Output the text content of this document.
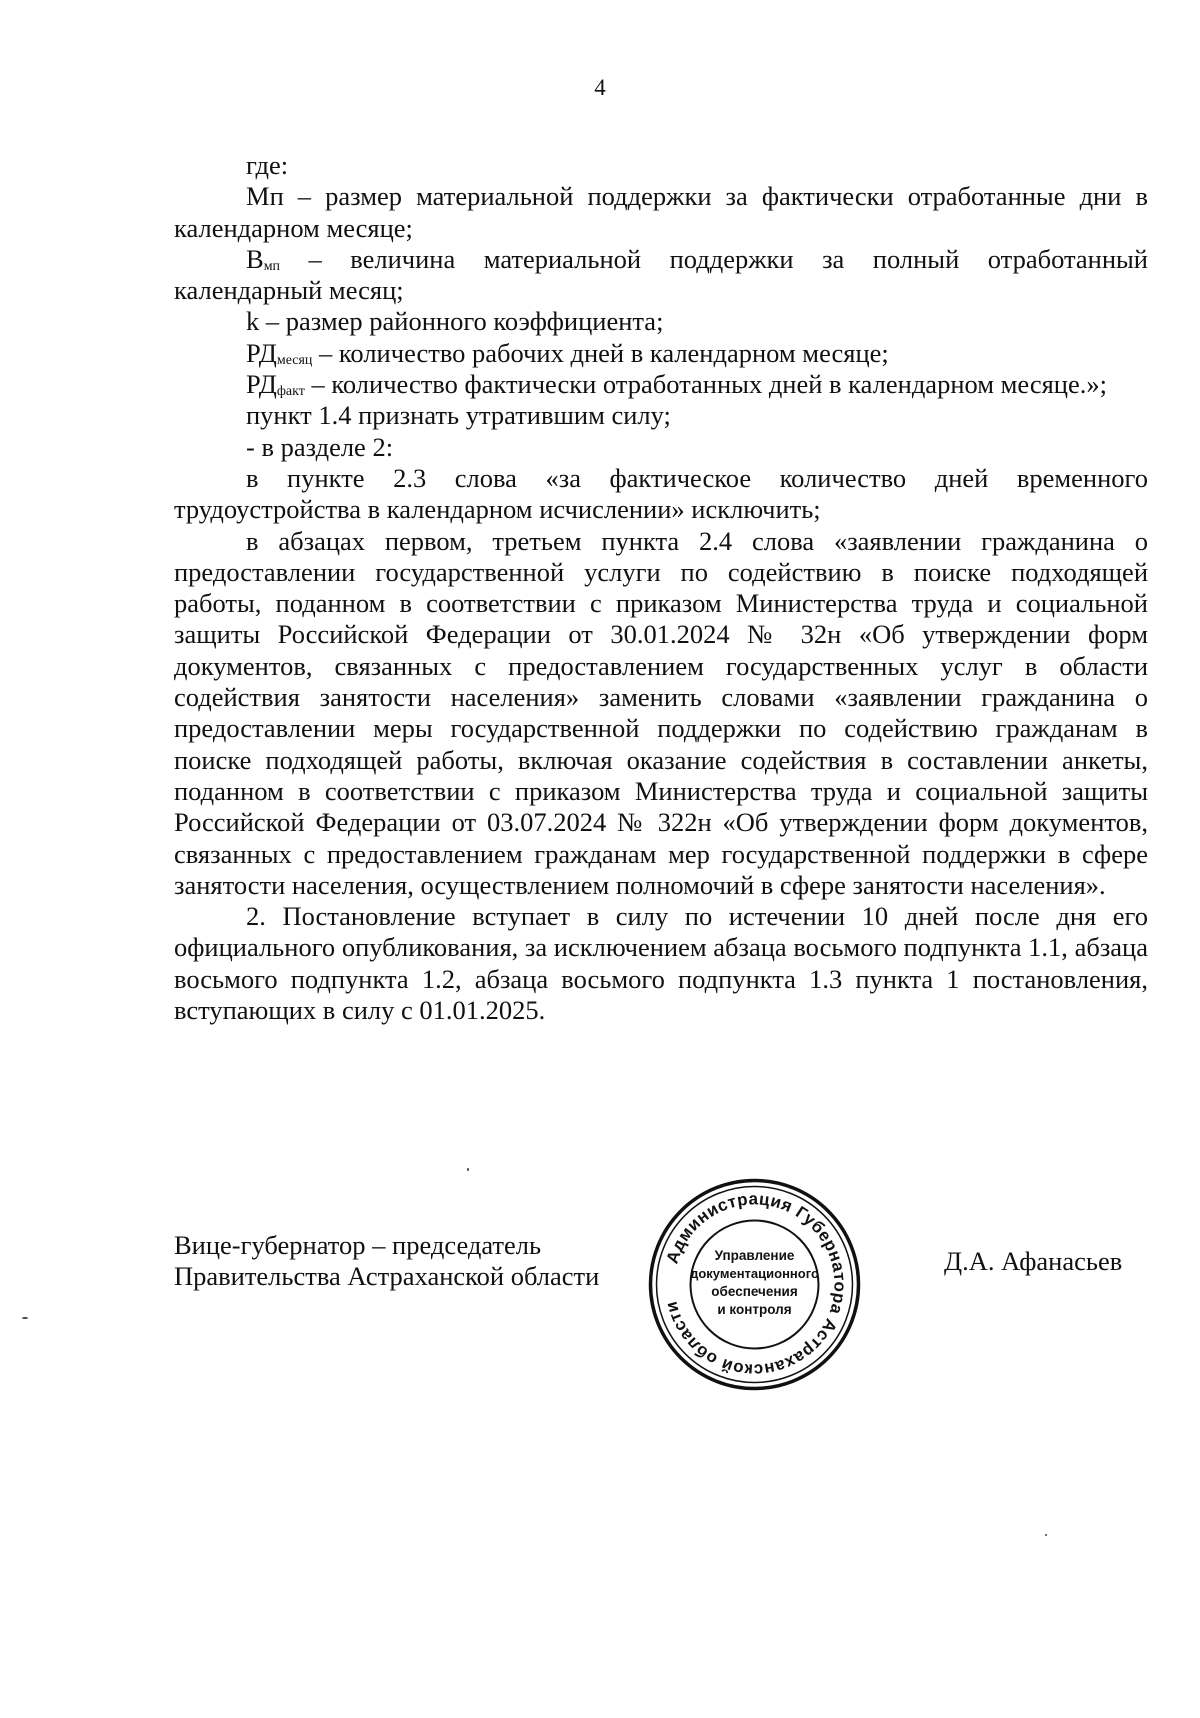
4

где:

Мп – размер материальной поддержки за фактически отработанные дни в календарном месяце;

$В_{мп}$ – величина материальной поддержки за полный отработанный календарный месяц;

k – размер районного коэффициента;

$РД_{месяц}$ – количество рабочих дней в календарном месяце;

$РД_{факт}$ – количество фактически отработанных дней в календарном месяце.»;

пункт 1.4 признать утратившим силу;

- в разделе 2:

в пункте 2.3 слова «за фактическое количество дней временного трудоустройства в календарном исчислении» исключить;

в абзацах первом, третьем пункта 2.4 слова «заявлении гражданина о предоставлении государственной услуги по содействию в поиске подходящей работы, поданном в соответствии с приказом Министерства труда и социальной защиты Российской Федерации от 30.01.2024 № 32н «Об утверждении форм документов, связанных с предоставлением государственных услуг в области содействия занятости населения» заменить словами «заявлении гражданина о предоставлении меры государственной поддержки по содействию гражданам в поиске подходящей работы, включая оказание содействия в составлении анкеты, поданном в соответствии с приказом Министерства труда и социальной защиты Российской Федерации от 03.07.2024 № 322н «Об утверждении форм документов, связанных с предоставлением гражданам мер государственной поддержки в сфере занятости населения, осуществлением полномочий в сфере занятости населения».

2. Постановление вступает в силу по истечении 10 дней после дня его официального опубликования, за исключением абзаца восьмого подпункта 1.1, абзаца восьмого подпункта 1.2, абзаца восьмого подпункта 1.3 пункта 1 постановления, вступающих в силу с 01.01.2025.

Вице-губернатор – председатель
Правительства Астраханской области
Администрация Губернатора Астраханской области
Управление
документационного
обеспечения
и контроля
Д.А. Афанасьев
